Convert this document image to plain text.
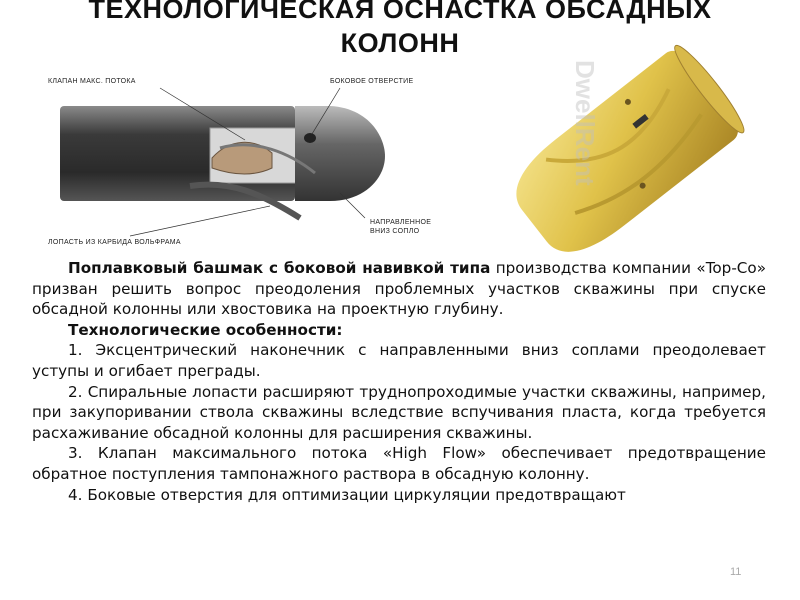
ТЕХНОЛОГИЧЕСКАЯ ОСНАСТКА ОБСАДНЫХ
КОЛОНН
КЛАПАН МАКС. ПОТОКА	БОКОВОЕ ОТВЕРСТИЕ
НАПРАВЛЕННОЕ
ВНИЗ СОПЛО
ЛОПАСТЬ ИЗ КАРБИДА ВОЛЬФРАМА
DwellRent

Поплавковый башмак с боковой навивкой типа производства компании «Top-Co» призван решить вопрос преодоления проблемных участков скважины при спуске обсадной колонны или хвостовика на проектную глубину.

Технологические особенности:

1. Эксцентрический наконечник с направленными вниз соплами преодолевает уступы и огибает преграды.

2. Спиральные лопасти расширяют труднопроходимые участки скважины, например, при закупоривании ствола скважины вследствие вспучивания пласта, когда требуется расхаживание обсадной колонны для расширения скважины.

3. Клапан максимального потока «High Flow» обеспечивает предотвращение обратное поступления тампонажного раствора в обсадную колонну.

4. Боковые отверстия для оптимизации циркуляции предотвращают

11
